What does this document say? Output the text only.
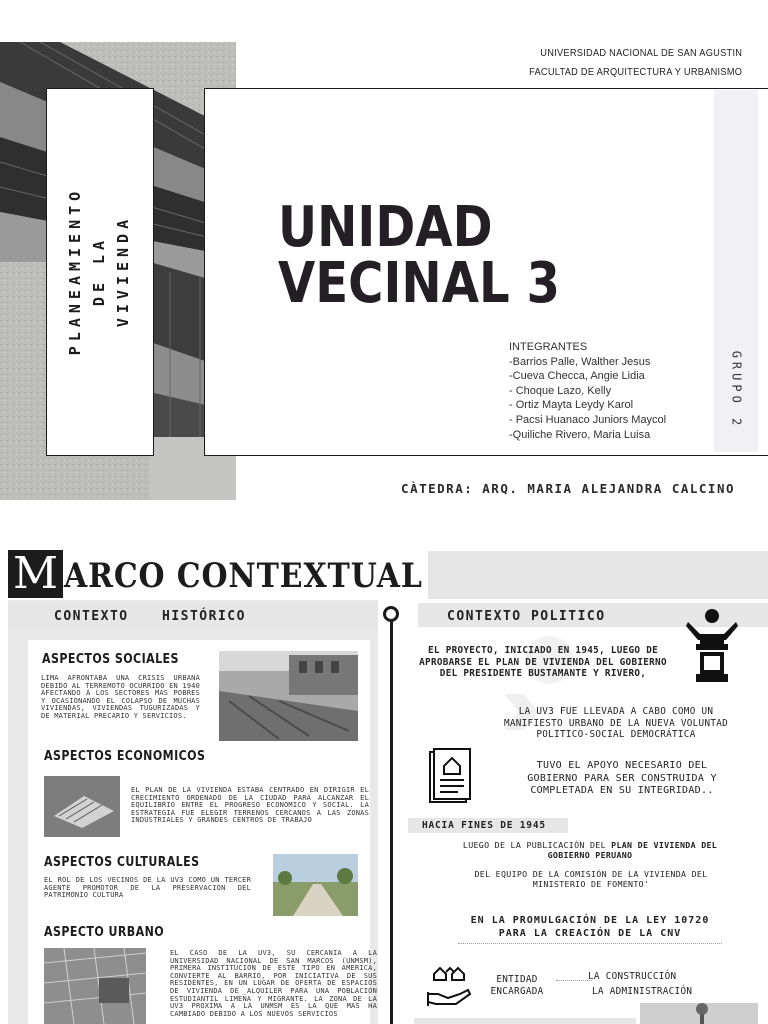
PLANEAMIENTO DE LA
VIVIENDA
UNIVERSIDAD NACIONAL DE SAN AGUSTIN
FACULTAD DE ARQUITECTURA Y URBANISMO
UNIDAD
VECINAL 3
INTEGRANTES
-Barrios Palle, Walther Jesus
-Cueva Checca, Angie Lidia
- Choque Lazo, Kelly
- Ortiz Mayta Leydy Karol
- Pacsi Huanaco Juniors Maycol
-Quiliche Rivero, Maria Luisa
GRUPO 2
CÀTEDRA: ARQ. MARIA ALEJANDRA CALCINO
M ARCO CONTEXTUAL
CONTEXTO	HISTÓRICO	CONTEXTO POLITICO
ASPECTOS SOCIALES
LIMA AFRONTABA UNA CRISIS URBANA DEBIDO AL TERREMOTO OCURRIDO EN 1940 AFECTANDO A LOS SECTORES MAS POBRES Y OCASIONANDO EL COLAPSO DE MUCHAS VIVIENDAS, VIVIENDAS TUGURIZADAS Y DE MATERIAL PRECARIO Y SERVICIOS.
ASPECTOS ECONOMICOS
EL PLAN DE LA VIVIENDA ESTABA CENTRADO EN DIRIGIR EL CRECIMIENTO ORDENADO DE LA CIUDAD PARA ALCANZAR EL EQUILIBRIO ENTRE EL PROGRESO ECONOMICO Y SOCIAL. LA ESTRATEGIA FUE ELEGIR TERRENOS CERCANOS A LAS ZONAS INDUSTRIALES Y GRANDES CENTROS DE TRABAJO
ASPECTOS CULTURALES
EL ROL DE LOS VECINOS DE LA UV3 COMO UN TERCER AGENTE PROMOTOR DE LA PRESERVACION DEL PATRIMONIO CULTURA
ASPECTO URBANO
EL CASO DE LA UV3, SU CERCANIA A LA UNIVERSIDAD NACIONAL DE SAN MARCOS (UNMSM), PRIMERA INSTITUCION DE ESTE TIPO EN AMERICA, CONVIERTE AL BARRIO, POR INICIATIVA DE SUS RESIDENTES, EN UN LUGAR DE OFERTA DE ESPACIOS DE VIVIENDA DE ALQUILER PARA UNA POBLACION ESTUDIANTIL LIMEÑA Y MIGRANTE. LA ZONA DE LA UV3 PROXIMA A LA UNMSM ES LA QUE MAS HA CAMBIADO DEBIDO A LOS NUEVOS SERVICIOS
EL PROYECTO, INICIADO EN 1945, LUEGO DE APROBARSE EL PLAN DE VIVIENDA DEL GOBIERNO DEL PRESIDENTE BUSTAMANTE Y RIVERO,
LA UV3 FUE LLEVADA A CABO COMO UN MANIFIESTO URBANO DE LA NUEVA VOLUNTAD POLITICO-SOCIAL DEMOCRÁTICA
TUVO EL APOYO NECESARIO DEL GOBIERNO PARA SER CONSTRUIDA Y COMPLETADA EN SU INTEGRIDAD..
HACIA FINES DE 1945
LUEGO DE LA PUBLICACIÓN DEL PLAN DE VIVIENDA DEL GOBIERNO PERUANO
DEL EQUIPO DE LA COMISIÓN DE LA VIVIENDA DEL MINISTERIO DE FOMENTO'
EN LA PROMULGACIÓN DE LA LEY 10720 PARA LA CREACIÓN DE LA CNV
ENTIDAD ENCARGADA
LA CONSTRUCCIÓN
LA ADMINISTRACIÓN
